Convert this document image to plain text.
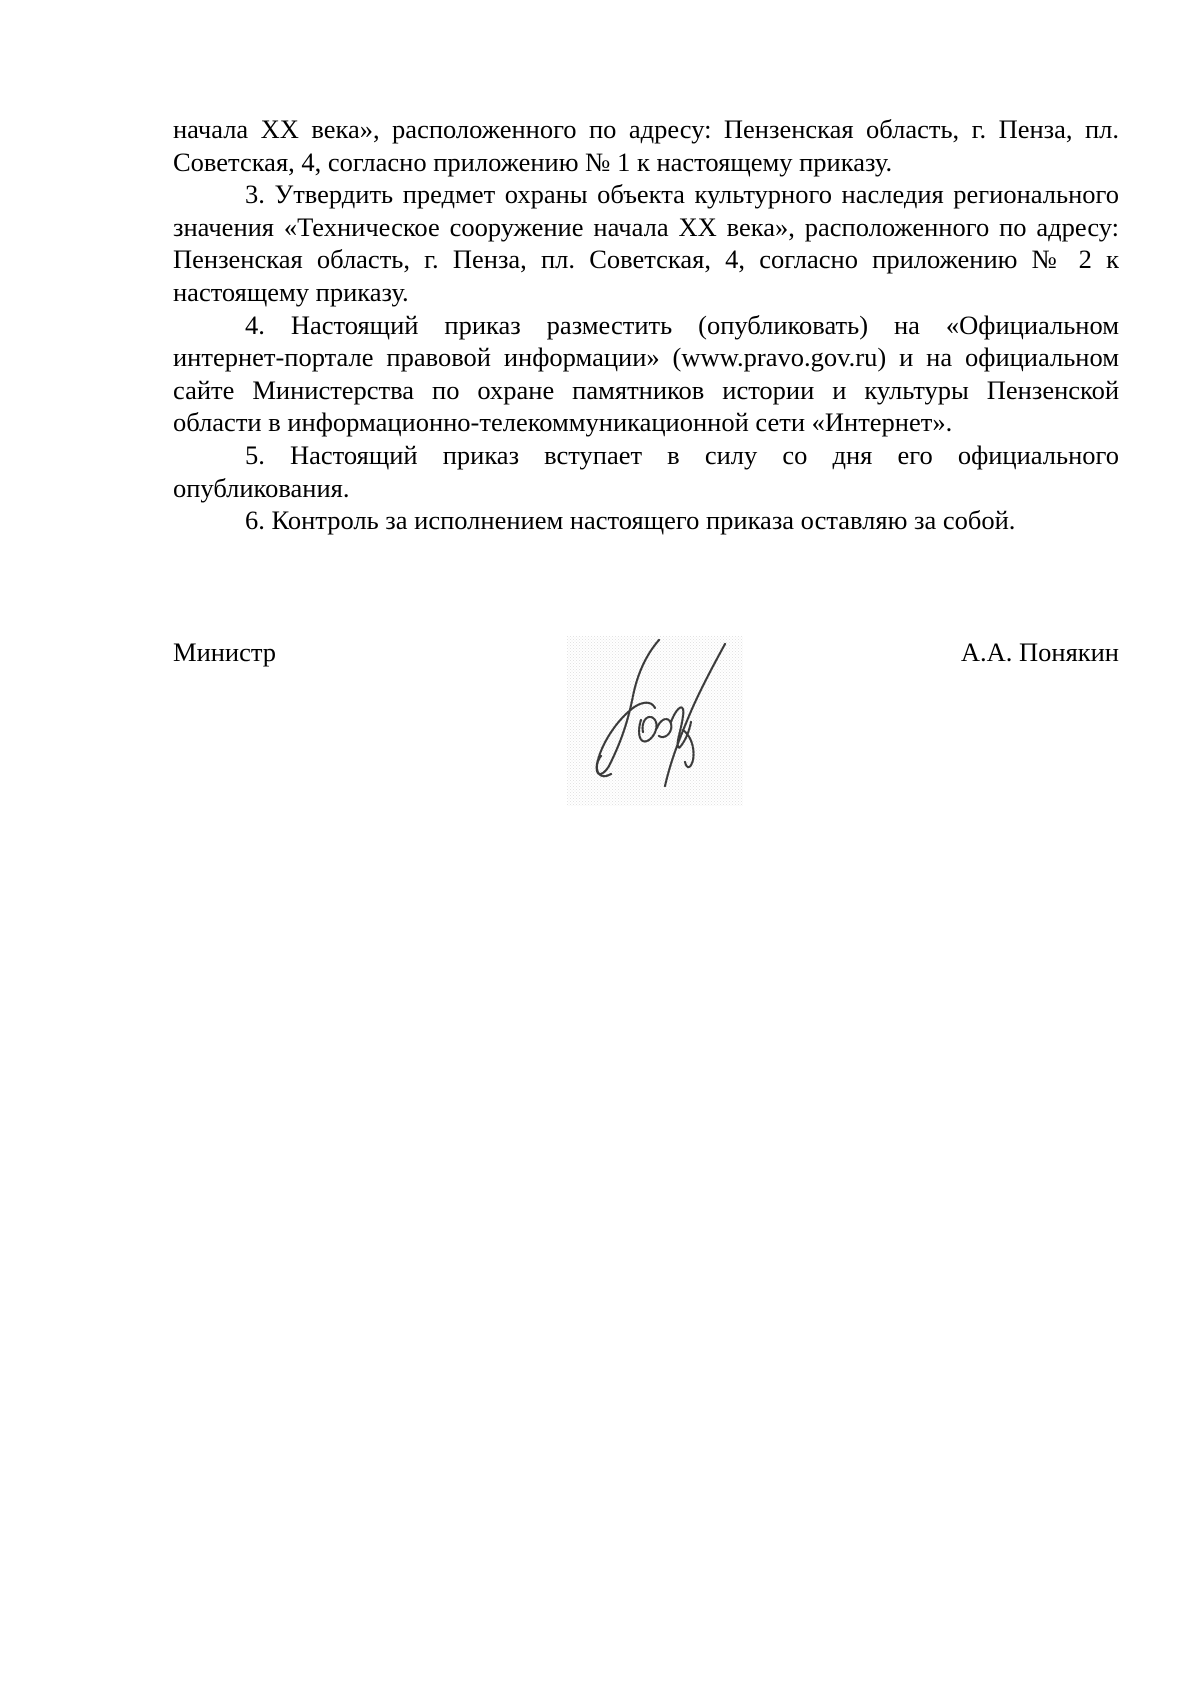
начала XX века», расположенного по адресу: Пензенская область, г. Пенза, пл. Советская, 4, согласно приложению № 1 к настоящему приказу.

3. Утвердить предмет охраны объекта культурного наследия регионального значения «Техническое сооружение начала XX века», расположенного по адресу: Пензенская область, г. Пенза, пл. Советская, 4, согласно приложению № 2 к настоящему приказу.

4. Настоящий приказ разместить (опубликовать) на «Официальном интернет-портале правовой информации» (www.pravo.gov.ru) и на официальном сайте Министерства по охране памятников истории и культуры Пензенской области в информационно-телекоммуникационной сети «Интернет».

5. Настоящий приказ вступает в силу со дня его официального опубликования.

6. Контроль за исполнением настоящего приказа оставляю за собой.

Министр	А.А. Понякин
